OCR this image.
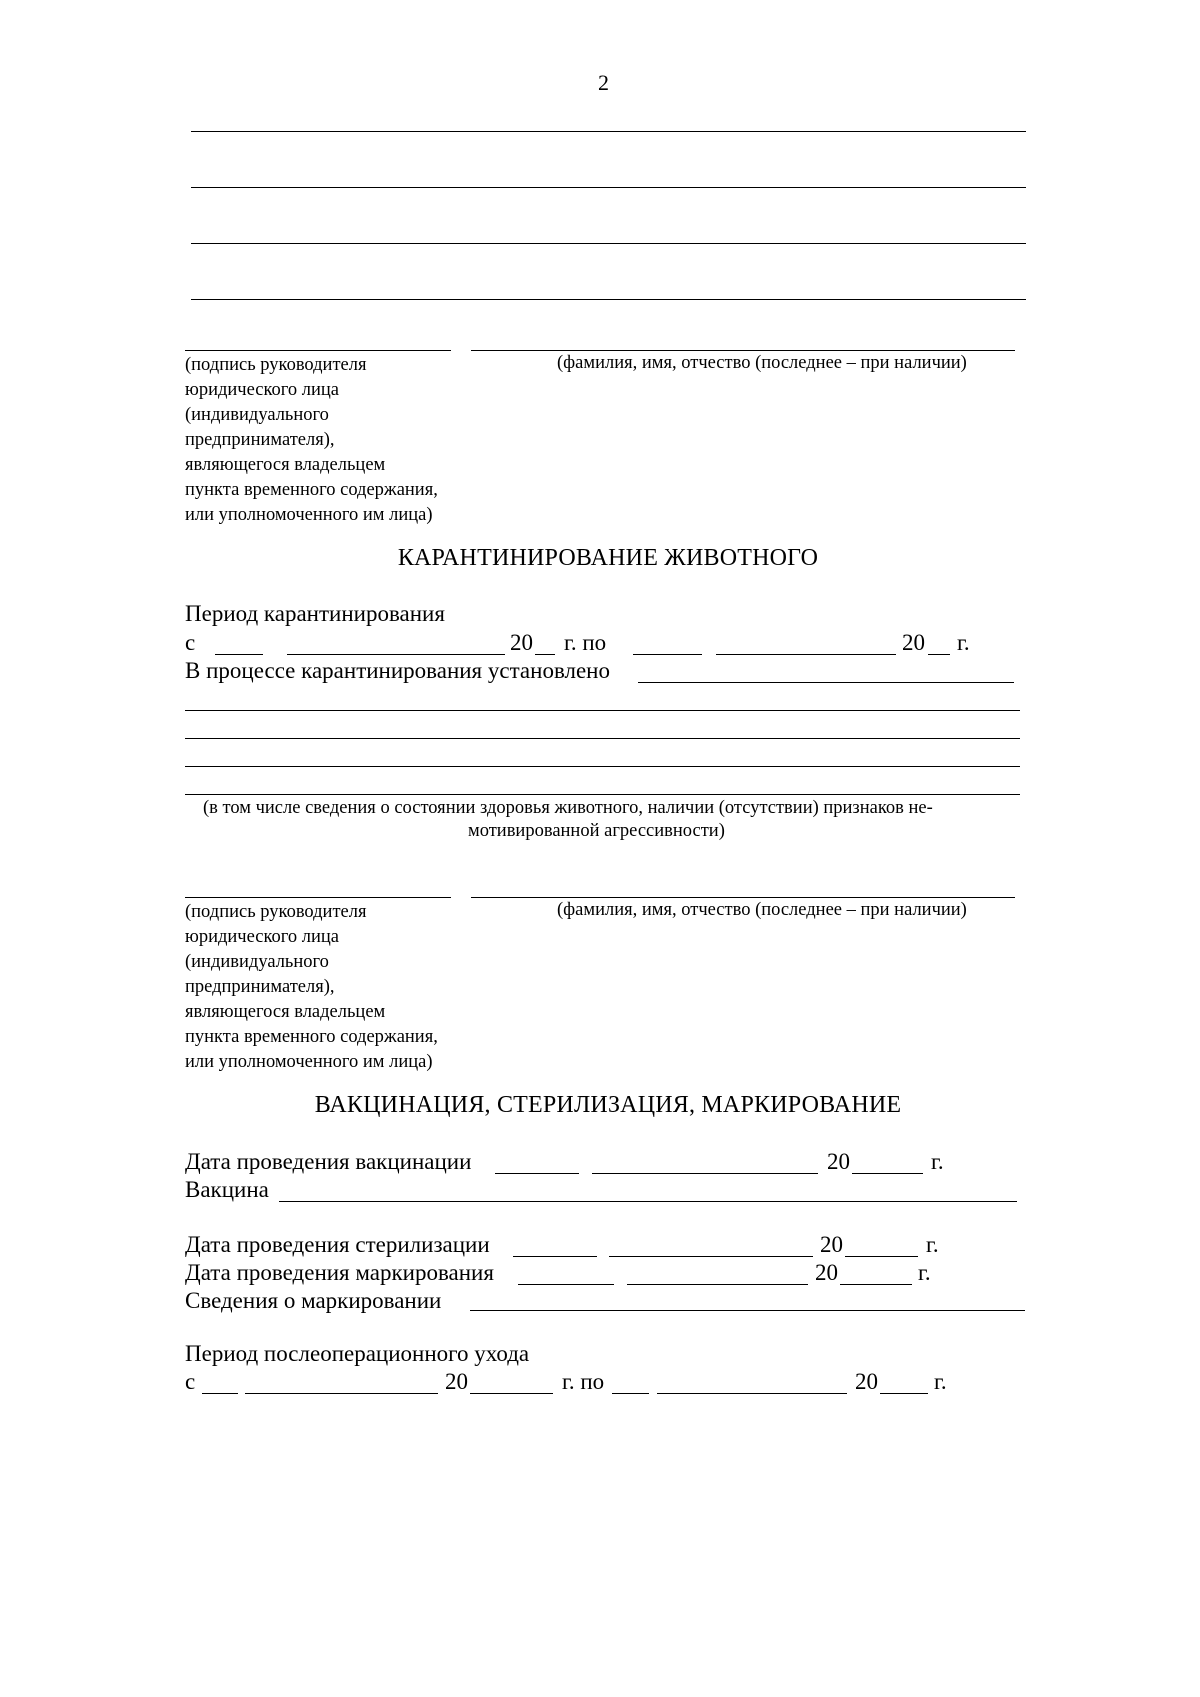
2
(подпись руководителя
юридического лица
(индивидуального
предпринимателя),
являющегося владельцем
пункта временного содержания,
или уполномоченного им лица)
(фамилия, имя, отчество (последнее – при наличии)
КАРАНТИНИРОВАНИЕ ЖИВОТНОГО
Период карантинирования
с	20 г. по	20 г.
В процессе карантинирования установлено
(в том числе сведения о состоянии здоровья животного, наличии (отсутствии) признаков не-
мотивированной агрессивности)
(подпись руководителя
юридического лица
(индивидуального
предпринимателя),
являющегося владельцем
пункта временного содержания,
или уполномоченного им лица)
(фамилия, имя, отчество (последнее – при наличии)
ВАКЦИНАЦИЯ, СТЕРИЛИЗАЦИЯ, МАРКИРОВАНИЕ
Дата проведения вакцинации	20	г.
Вакцина
Дата проведения стерилизации	20	г.
Дата проведения маркирования	20	г.
Сведения о маркировании
Период послеоперационного ухода
с	20	г. по	20 г.
